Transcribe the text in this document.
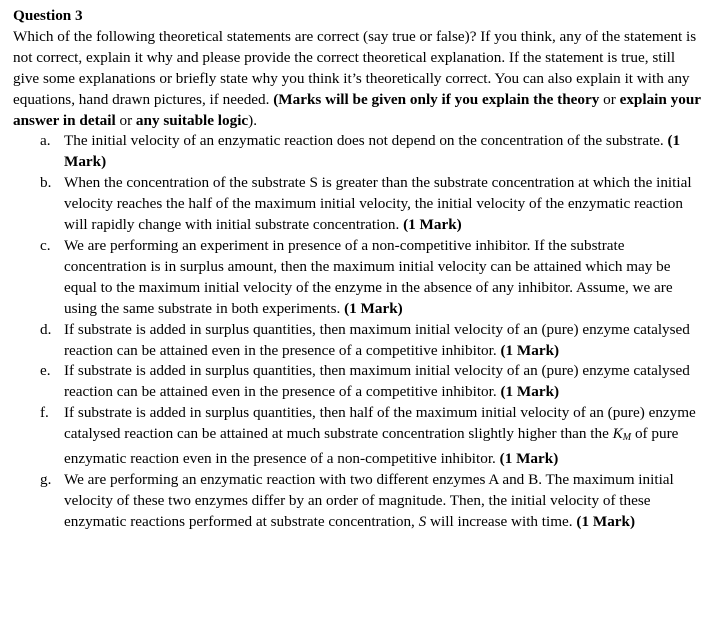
Question 3

Which of the following theoretical statements are correct (say true or false)? If you think, any of the statement is not correct, explain it why and please provide the correct theoretical explanation. If the statement is true, still give some explanations or briefly state why you think it’s theoretically correct. You can also explain it with any equations, hand drawn pictures, if needed. (Marks will be given only if you explain the theory or explain your answer in detail or any suitable logic).

a. The initial velocity of an enzymatic reaction does not depend on the concentration of the substrate. (1 Mark)
b. When the concentration of the substrate S is greater than the substrate concentration at which the initial velocity reaches the half of the maximum initial velocity, the initial velocity of the enzymatic reaction will rapidly change with initial substrate concentration. (1 Mark)
c. We are performing an experiment in presence of a non-competitive inhibitor. If the substrate concentration is in surplus amount, then the maximum initial velocity can be attained which may be equal to the maximum initial velocity of the enzyme in the absence of any inhibitor. Assume, we are using the same substrate in both experiments. (1 Mark)
d. If substrate is added in surplus quantities, then maximum initial velocity of an (pure) enzyme catalysed reaction can be attained even in the presence of a competitive inhibitor. (1 Mark)
e. If substrate is added in surplus quantities, then maximum initial velocity of an (pure) enzyme catalysed reaction can be attained even in the presence of a competitive inhibitor. (1 Mark)
f. If substrate is added in surplus quantities, then half of the maximum initial velocity of an (pure) enzyme catalysed reaction can be attained at much substrate concentration slightly higher than the $K_M$ of pure enzymatic reaction even in the presence of a non-competitive inhibitor. (1 Mark)
g. We are performing an enzymatic reaction with two different enzymes A and B. The maximum initial velocity of these two enzymes differ by an order of magnitude. Then, the initial velocity of these enzymatic reactions performed at substrate concentration, S will increase with time. (1 Mark)
